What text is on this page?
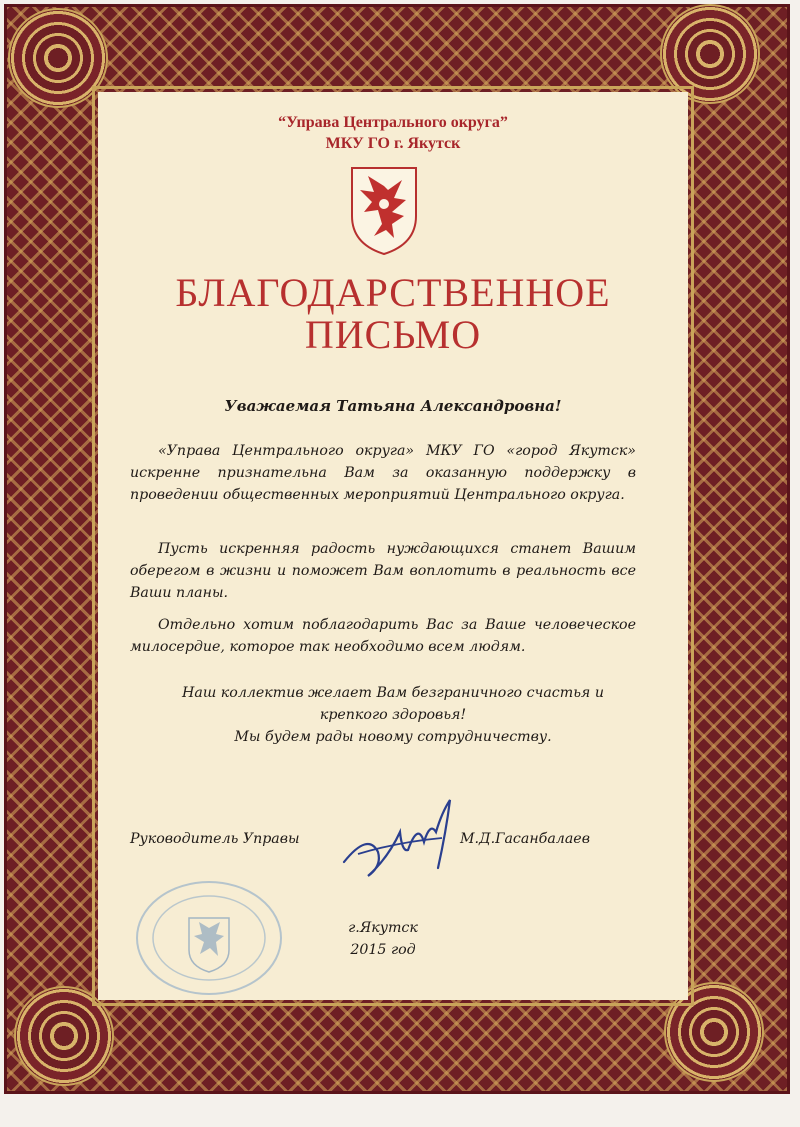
“Управа Центрального округа”
МКУ ГО г. Якутск
БЛАГОДАРСТВЕННОЕ
ПИСЬМО
Уважаемая Татьяна Александровна!
«Управа Центрального округа» МКУ ГО «город Якутск» искренне признательна Вам за оказанную поддержку в проведении общественных мероприятий Центрального округа.
Пусть искренняя радость нуждающихся станет Вашим оберегом в жизни и поможет Вам воплотить в реальность все Ваши планы.
Отдельно хотим поблагодарить Вас за Ваше человеческое милосердие, которое так необходимо всем людям.
Наш коллектив желает Вам безграничного счастья и
крепкого здоровья!
Мы будем рады новому сотрудничеству.
Руководитель Управы	М.Д.Гасанбалаев
г.Якутск
2015 год
